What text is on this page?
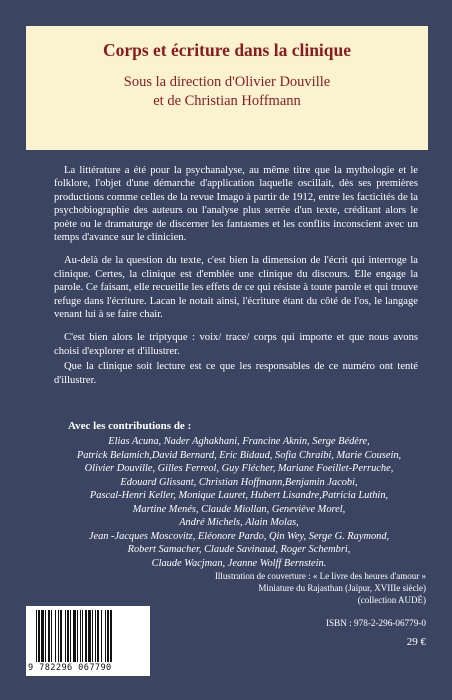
Corps et écriture dans la clinique
Sous la direction d'Olivier Douville
et de Christian Hoffmann

La littérature a été pour la psychanalyse, au même titre que la mythologie et le folklore, l'objet d'une démarche d'application laquelle oscillait, dès ses premières productions comme celles de la revue Imago à partir de 1912, entre les facticités de la psychobiographie des auteurs ou l'analyse plus serrée d'un texte, créditant alors le poète ou le dramaturge de discerner les fantasmes et les conflits inconscient avec un temps d'avance sur le clinicien.

Au-delà de la question du texte, c'est bien la dimension de l'écrit qui interroge la clinique. Certes, la clinique est d'emblée une clinique du discours. Elle engage la parole. Ce faisant, elle recueille les effets de ce qui résiste à toute parole et qui trouve refuge dans l'écriture. Lacan le notait ainsi, l'écriture étant du côté de l'os, le langage venant lui à se faire chair.

C'est bien alors le triptyque : voix/ trace/ corps qui importe et que nous avons choisi d'explorer et d'illustrer.

Que la clinique soit lecture est ce que les responsables de ce numéro ont tenté d'illustrer.

Avec les contributions de :
Elias Acuna, Nader Aghakhani, Francine Aknin, Serge Bédère,
Patrick Belamich,David Bernard, Eric Bidaud, Sofia Chraibi, Marie Cousein,
Olivier Douville, Gilles Ferreol, Guy Flécher, Mariane Foeillet-Perruche,
Edouard Glissant, Christian Hoffmann,Benjamin Jacobi,
Pascal-Henri Keller, Monique Lauret, Hubert Lisandre,Patricia Luthin,
Martine Menés, Claude Miollan, Geneviève Morel,
André Michels, Alain Molas,
Jean -Jacques Moscovitz, Eléonore Pardo, Qin Wey, Serge G. Raymond,
Robert Samacher, Claude Savinaud, Roger Schembri,
Claude Wacjman, Jeanne Wolff Bernstein.
Illustration de couverture : « Le livre des heures d'amour »
Miniature du Rajasthan (Jaïpur, XVIIIe siècle)
(collection AUDÉ)
9 782296 067790
ISBN : 978-2-296-06779-0
29 €
